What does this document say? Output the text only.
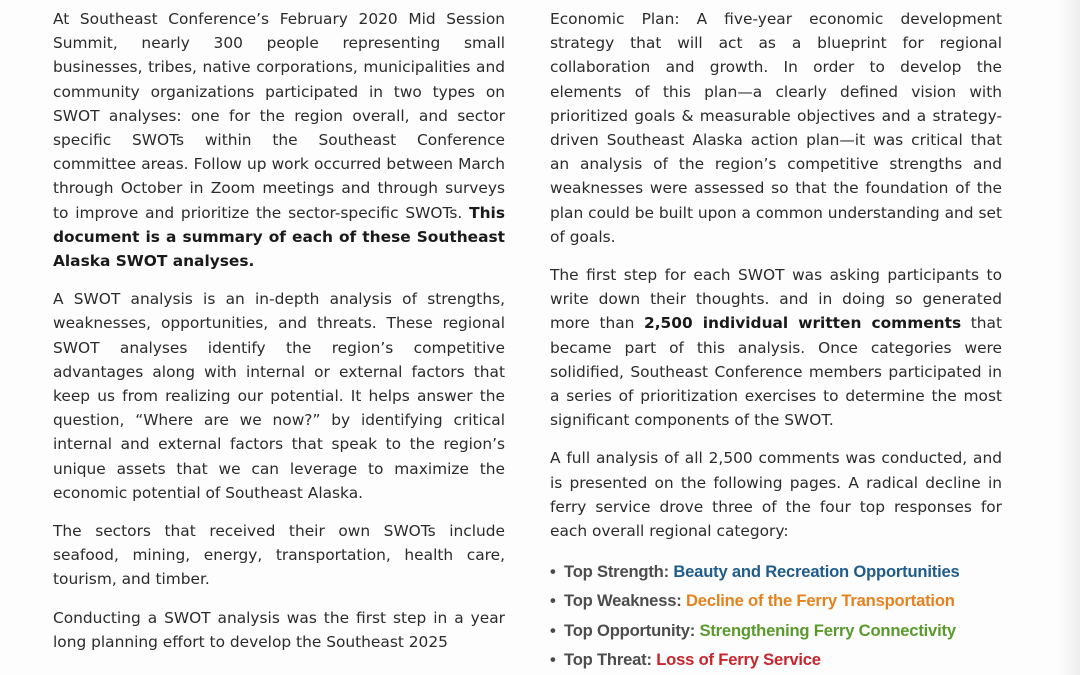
At Southeast Conference’s February 2020 Mid Session Summit, nearly 300 people representing small businesses, tribes, native corporations, municipalities and community organizations participated in two types on SWOT analyses: one for the region overall, and sector specific SWOTs within the Southeast Conference committee areas. Follow up work occurred between March through October in Zoom meetings and through surveys to improve and prioritize the sector-specific SWOTs. This document is a summary of each of these Southeast Alaska SWOT analyses.

A SWOT analysis is an in-depth analysis of strengths, weaknesses, opportunities, and threats. These regional SWOT analyses identify the region’s competitive advantages along with internal or external factors that keep us from realizing our potential. It helps answer the question, “Where are we now?” by identifying critical internal and external factors that speak to the region’s unique assets that we can leverage to maximize the economic potential of Southeast Alaska.

The sectors that received their own SWOTs include seafood, mining, energy, transportation, health care, tourism, and timber.

Conducting a SWOT analysis was the first step in a year long planning effort to develop the Southeast 2025

Economic Plan: A five-year economic development strategy that will act as a blueprint for regional collaboration and growth. In order to develop the elements of this plan—a clearly defined vision with prioritized goals & measurable objectives and a strategy-driven Southeast Alaska action plan—it was critical that an analysis of the region’s competitive strengths and weaknesses were assessed so that the foundation of the plan could be built upon a common understanding and set of goals.

The first step for each SWOT was asking participants to write down their thoughts. and in doing so generated more than 2,500 individual written comments that became part of this analysis. Once categories were solidified, Southeast Conference members participated in a series of prioritization exercises to determine the most significant components of the SWOT.

A full analysis of all 2,500 comments was conducted, and is presented on the following pages. A radical decline in ferry service drove three of the four top responses for each overall regional category:

• Top Strength: Beauty and Recreation Opportunities
• Top Weakness: Decline of the Ferry Transportation
• Top Opportunity: Strengthening Ferry Connectivity
• Top Threat: Loss of Ferry Service
